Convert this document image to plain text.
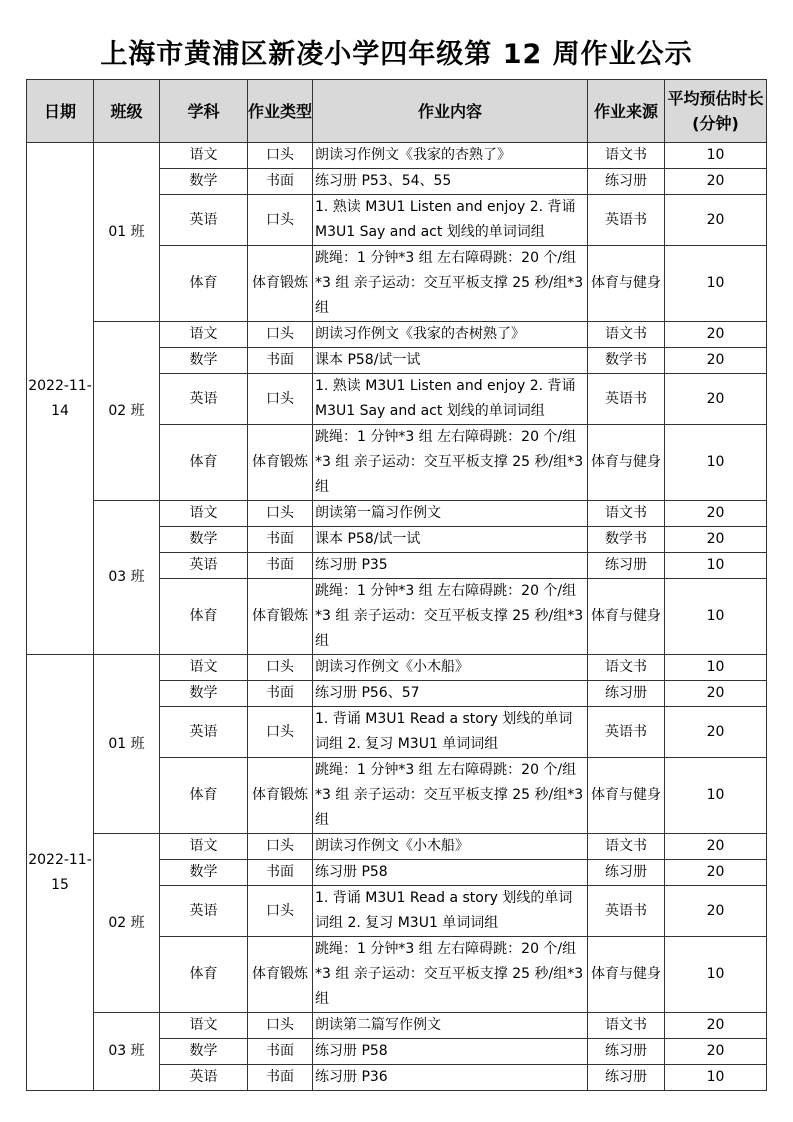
上海市黄浦区新凌小学四年级第 12 周作业公示
日期	班级	学科	作业类型	作业内容	作业来源	平均预估时长(分钟)
2022-11-14	01 班	语文	口头	朗读习作例文《我家的杏熟了》	语文书	10
		数学	书面	练习册 P53、54、55	练习册	20
		英语	口头	1. 熟读 M3U1 Listen and enjoy 2. 背诵 M3U1 Say and act 划线的单词词组	英语书	20
		体育	体育锻炼	跳绳：1 分钟*3 组 左右障碍跳：20 个/组*3 组 亲子运动：交互平板支撑 25 秒/组*3 组	体育与健身	10
	02 班	语文	口头	朗读习作例文《我家的杏树熟了》	语文书	20
		数学	书面	课本 P58/试一试	数学书	20
		英语	口头	1. 熟读 M3U1 Listen and enjoy 2. 背诵 M3U1 Say and act 划线的单词词组	英语书	20
		体育	体育锻炼	跳绳：1 分钟*3 组 左右障碍跳：20 个/组*3 组 亲子运动：交互平板支撑 25 秒/组*3 组	体育与健身	10
	03 班	语文	口头	朗读第一篇习作例文	语文书	20
		数学	书面	课本 P58/试一试	数学书	20
		英语	书面	练习册 P35	练习册	10
		体育	体育锻炼	跳绳：1 分钟*3 组 左右障碍跳：20 个/组*3 组 亲子运动：交互平板支撑 25 秒/组*3 组	体育与健身	10
2022-11-15	01 班	语文	口头	朗读习作例文《小木船》	语文书	10
		数学	书面	练习册 P56、57	练习册	20
		英语	口头	1. 背诵 M3U1 Read a story 划线的单词词组 2. 复习 M3U1 单词词组	英语书	20
		体育	体育锻炼	跳绳：1 分钟*3 组 左右障碍跳：20 个/组*3 组 亲子运动：交互平板支撑 25 秒/组*3 组	体育与健身	10
	02 班	语文	口头	朗读习作例文《小木船》	语文书	20
		数学	书面	练习册 P58	练习册	20
		英语	口头	1. 背诵 M3U1 Read a story 划线的单词词组 2. 复习 M3U1 单词词组	英语书	20
		体育	体育锻炼	跳绳：1 分钟*3 组 左右障碍跳：20 个/组*3 组 亲子运动：交互平板支撑 25 秒/组*3 组	体育与健身	10
	03 班	语文	口头	朗读第二篇写作例文	语文书	20
		数学	书面	练习册 P58	练习册	20
		英语	书面	练习册 P36	练习册	10
